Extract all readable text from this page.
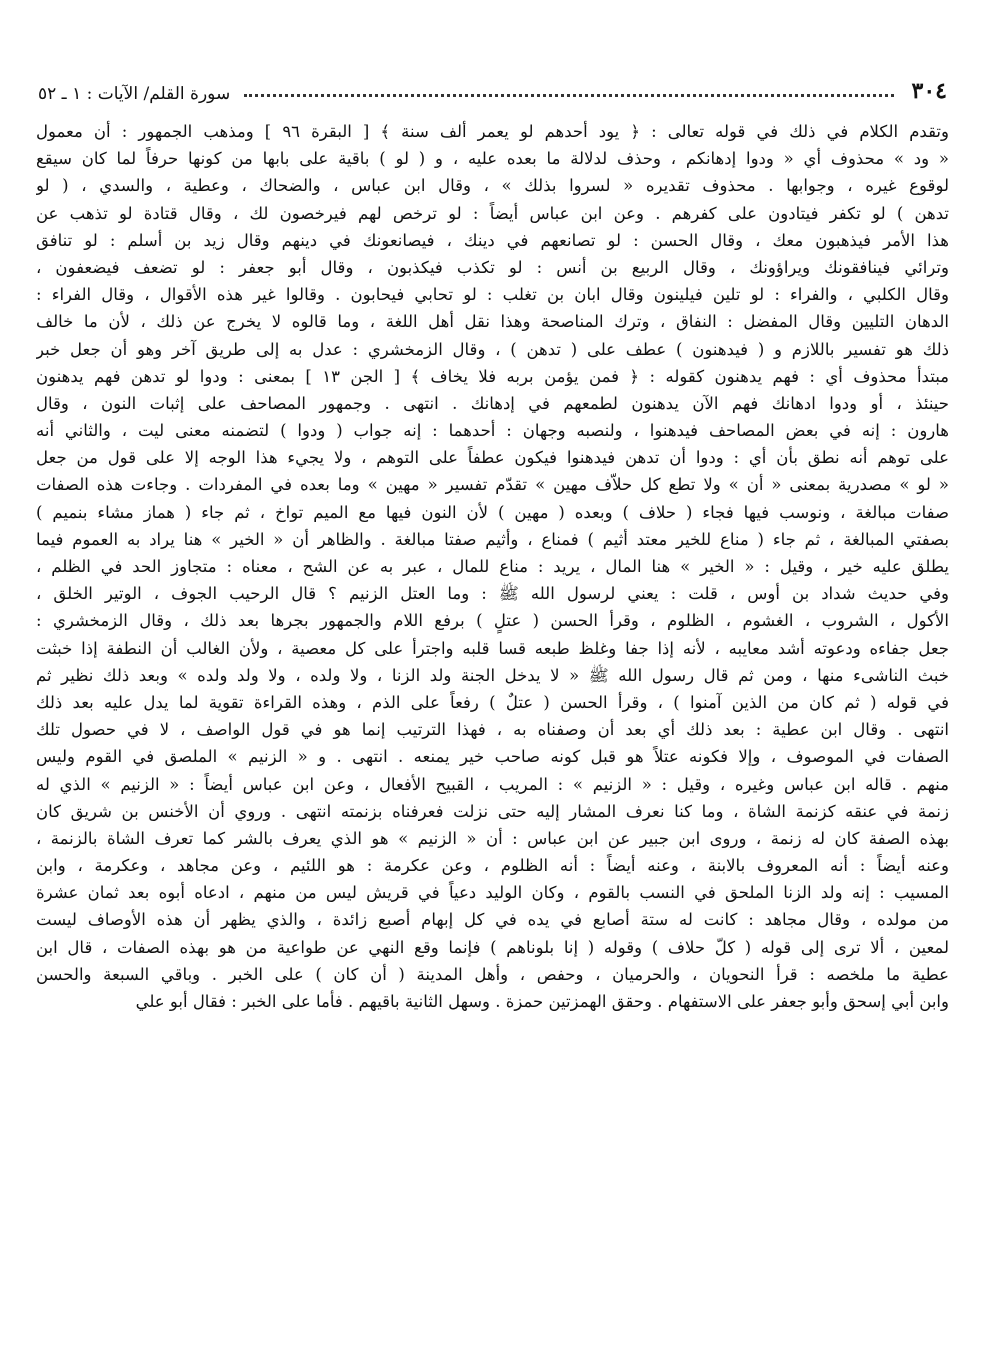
٣٠٤
سورة القلم/ الآيات : ١ ـ ٥٢
وتقدم الكلام في ذلك في قوله تعالى : ﴿ يود أحدهم لو يعمر ألف سنة ﴾ [ البقرة ٩٦ ] ومذهب الجمهور : أن معمول
« ود » محذوف أي « ودوا إدهانكم ، وحذف لدلالة ما بعده عليه ، و ( لو ) باقية على بابها من كونها حرفاً لما كان سيقع
لوقوع غيره ، وجوابها . محذوف تقديره « لسروا بذلك » ، وقال ابن عباس ، والضحاك ، وعطية ، والسدي ، ( لو
تدهن ) لو تكفر فيتادون على كفرهم . وعن ابن عباس أيضاً : لو ترخص لهم فيرخصون لك ، وقال قتادة لو تذهب عن
هذا الأمر فيذهبون معك ، وقال الحسن : لو تصانعهم في دينك ، فيصانعونك في دينهم وقال زيد بن أسلم : لو تنافق
وترائي فينافقونك ويراؤونك ، وقال الربيع بن أنس : لو تكذب فيكذبون ، وقال أبو جعفر : لو تضعف فيضعفون ،
وقال الكلبي ، والفراء : لو تلين فيلينون وقال ابان بن تغلب : لو تحابي فيحابون . وقالوا غير هذه الأقوال ، وقال الفراء :
الدهان التليين وقال المفضل : النفاق ، وترك المناصحة وهذا نقل أهل اللغة ، وما قالوه لا يخرج عن ذلك ، لأن ما خالف
ذلك هو تفسير باللازم و ( فيدهنون ) عطف على ( تدهن ) ، وقال الزمخشري : عدل به إلى طريق آخر وهو أن جعل خبر
مبتدأ محذوف أي : فهم يدهنون كقوله : ﴿ فمن يؤمن بربه فلا يخاف ﴾ [ الجن ١٣ ] بمعنى : ودوا لو تدهن فهم يدهنون
حينئذ ، أو ودوا ادهانك فهم الآن يدهنون لطمعهم في إدهانك . انتهى . وجمهور المصاحف على إثبات النون ، وقال
هارون : إنه في بعض المصاحف فيدهنوا ، ولنصبه وجهان : أحدهما : إنه جواب ( ودوا ) لتضمنه معنى ليت ، والثاني أنه
على توهم أنه نطق بأن أي : ودوا أن تدهن فيدهنوا فيكون عطفاً على التوهم ، ولا يجيء هذا الوجه إلا على قول من جعل
« لو » مصدرية بمعنى « أن » ولا تطع كل حلاّف مهين » تقدّم تفسير « مهين » وما بعده في المفردات . وجاءت هذه الصفات
صفات مبالغة ، ونوسب فيها فجاء ( حلاف ) وبعده ( مهين ) لأن النون فيها مع الميم تواخ ، ثم جاء ( هماز مشاء بنميم )
بصفتي المبالغة ، ثم جاء ( مناع للخير معتد أثيم ) فمناع ، وأثيم صفتا مبالغة . والظاهر أن « الخير » هنا يراد به العموم فيما
يطلق عليه خير ، وقيل : « الخير » هنا المال ، يريد : مناع للمال ، عبر به عن الشح ، معناه : متجاوز الحد في الظلم ،
وفي حديث شداد بن أوس ، قلت : يعني لرسول الله ﷺ : وما العتل الزنيم ؟ قال الرحيب الجوف ، الوتير الخلق ،
الأكول ، الشروب ، الغشوم ، الظلوم ، وقرأ الحسن ( عتلٍ ) برفع اللام والجمهور بجرها بعد ذلك ، وقال الزمخشري :
جعل جفاءه ودعوته أشد معايبه ، لأنه إذا جفا وغلظ طبعه قسا قلبه واجترأ على كل معصية ، ولأن الغالب أن النطفة إذا خبثت
خبث الناشىء منها ، ومن ثم قال رسول الله ﷺ « لا يدخل الجنة ولد الزنا ، ولا ولده ، ولا ولد ولده » وبعد ذلك نظير ثم
في قوله ( ثم كان من الذين آمنوا ) ، وقرأ الحسن ( عتلٌ ) رفعاً على الذم ، وهذه القراءة تقوية لما يدل عليه بعد ذلك
انتهى . وقال ابن عطية : بعد ذلك أي بعد أن وصفناه به ، فهذا الترتيب إنما هو في قول الواصف ، لا في حصول تلك
الصفات في الموصوف ، وإلا فكونه عتلاً هو قبل كونه صاحب خير يمنعه . انتهى . و « الزنيم » الملصق في القوم وليس
منهم . قاله ابن عباس وغيره ، وقيل : « الزنيم » : المريب ، القبيح الأفعال ، وعن ابن عباس أيضاً : « الزنيم » الذي له
زنمة في عنقه كزنمة الشاة ، وما كنا نعرف المشار إليه حتى نزلت فعرفناه بزنمته انتهى . وروي أن الأخنس بن شريق كان
بهذه الصفة كان له زنمة ، وروى ابن جبير عن ابن عباس : أن « الزنيم » هو الذي يعرف بالشر كما تعرف الشاة بالزنمة ،
وعنه أيضاً : أنه المعروف بالابنة ، وعنه أيضاً : أنه الظلوم ، وعن عكرمة : هو اللئيم ، وعن مجاهد ، وعكرمة ، وابن
المسيب : إنه ولد الزنا الملحق في النسب بالقوم ، وكان الوليد دعياً في قريش ليس من منهم ، ادعاه أبوه بعد ثمان عشرة
من مولده ، وقال مجاهد : كانت له ستة أصابع في يده في كل إبهام أصبع زائدة ، والذي يظهر أن هذه الأوصاف ليست
لمعين ، ألا ترى إلى قوله ( كلّ حلاف ) وقوله ( إنا بلوناهم ) فإنما وقع النهي عن طواعية من هو بهذه الصفات ، قال ابن
عطية ما ملخصه : قرأ النحويان ، والحرميان ، وحفص ، وأهل المدينة ( أن كان ) على الخبر . وباقي السبعة والحسن
وابن أبي إسحق وأبو جعفر على الاستفهام . وحقق الهمزتين حمزة . وسهل الثانية باقيهم . فأما على الخبر : فقال أبو علي
